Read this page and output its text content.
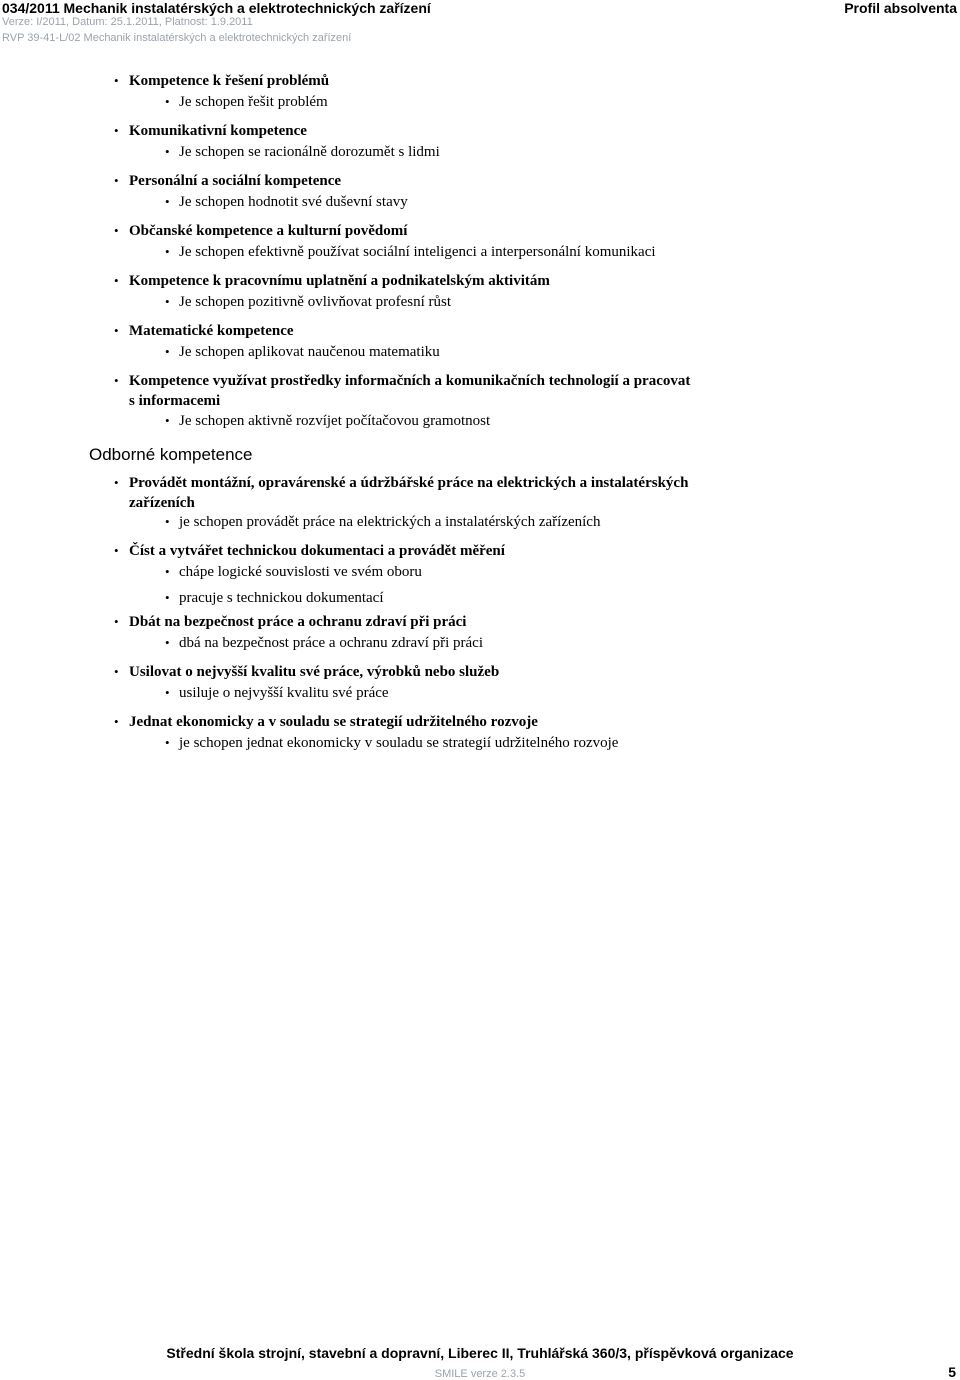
034/2011 Mechanik instalatérských a elektrotechnických zařízení	Profil absolventa
Verze: I/2011, Datum: 25.1.2011, Platnost: 1.9.2011
RVP 39-41-L/02 Mechanik instalatérských a elektrotechnických zařízení
• Kompetence k řešení problémů
• Je schopen řešit problém
• Komunikativní kompetence
• Je schopen se racionálně dorozumět s lidmi
• Personální a sociální kompetence
• Je schopen hodnotit své duševní stavy
• Občanské kompetence a kulturní povědomí
• Je schopen efektivně používat sociální inteligenci a interpersonální komunikaci
• Kompetence k pracovnímu uplatnění a podnikatelským aktivitám
• Je schopen pozitivně ovlivňovat profesní růst
• Matematické kompetence
• Je schopen aplikovat naučenou matematiku
• Kompetence využívat prostředky informačních a komunikačních technologií a pracovat
s informacemi
• Je schopen aktivně rozvíjet počítačovou gramotnost
Odborné kompetence
• Provádět montážní, opravárenské a údržbářské práce na elektrických a instalatérských
zařízeních
• je schopen provádět práce na elektrických a instalatérských zařízeních
• Číst a vytvářet technickou dokumentaci a provádět měření
• chápe logické souvislosti ve svém oboru
• pracuje s technickou dokumentací
• Dbát na bezpečnost práce a ochranu zdraví při práci
• dbá na bezpečnost práce a ochranu zdraví při práci
• Usilovat o nejvyšší kvalitu své práce, výrobků nebo služeb
• usiluje o nejvyšší kvalitu své práce
• Jednat ekonomicky a v souladu se strategií udržitelného rozvoje
• je schopen jednat ekonomicky v souladu se strategií udržitelného rozvoje
Střední škola strojní, stavební a dopravní, Liberec II, Truhlářská 360/3, příspěvková organizace
SMILE verze 2.3.5	5
